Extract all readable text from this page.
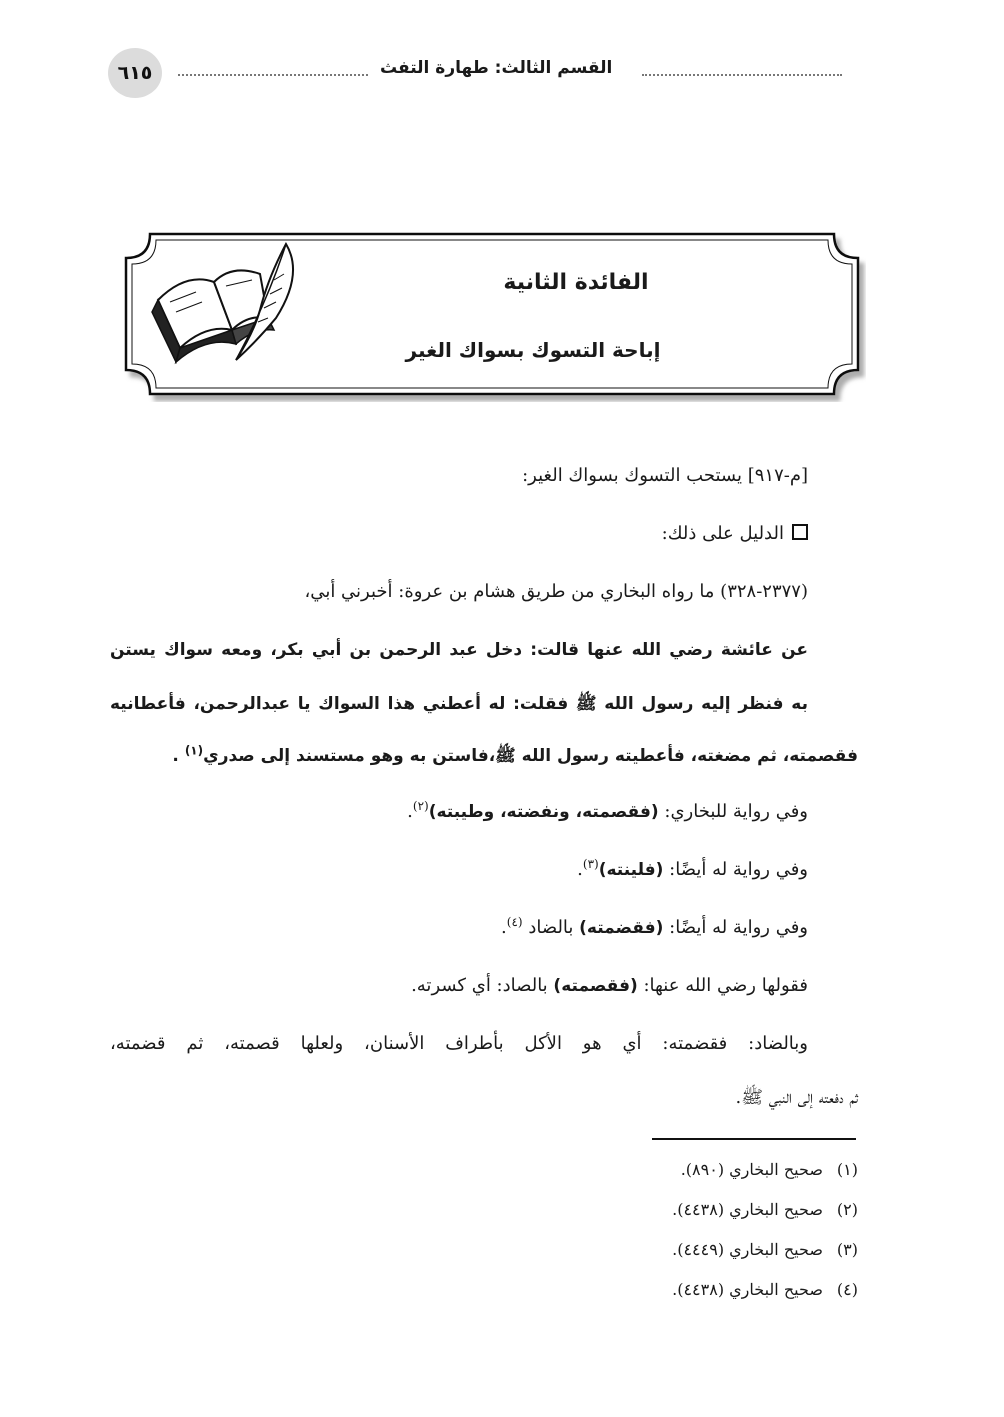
٦١٥	القسم الثالث: طهارة التفث
الفائدة الثانية
إباحة التسوك بسواك الغير
[م-٩١٧] يستحب التسوك بسواك الغير:
الدليل على ذلك:
(٢٣٧٧-٣٢٨) ما رواه البخاري من طريق هشام بن عروة: أخبرني أبي،
عن عائشة رضي الله عنها قالت: دخل عبد الرحمن بن أبي بكر، ومعه سواك يستن
به فنظر إليه رسول الله ﷺ فقلت: له أعطني هذا السواك يا عبدالرحمن، فأعطانيه
فقصمته، ثم مضغته، فأعطيته رسول الله ﷺ،فاستن به وهو مستسند إلى صدري$^{(١)}$ .
وفي رواية للبخاري: (فقصمته، ونفضته، وطيبته)$^{(٢)}$.
وفي رواية له أيضًا: (فلينته)$^{(٣)}$.
وفي رواية له أيضًا: (فقضمته) بالضاد $^{(٤)}$.
فقولها رضي الله عنها: (فقصمته) بالصاد: أي كسرته.
وبالضاد: فقضمته: أي هو الأكل بأطراف الأسنان، ولعلها قصمته، ثم قضمته،
ثم دفعته إلى النبي ﷺ.
(١)صحيح البخاري (٨٩٠).
(٢)صحيح البخاري (٤٤٣٨).
(٣)صحيح البخاري (٤٤٤٩).
(٤)صحيح البخاري (٤٤٣٨).
